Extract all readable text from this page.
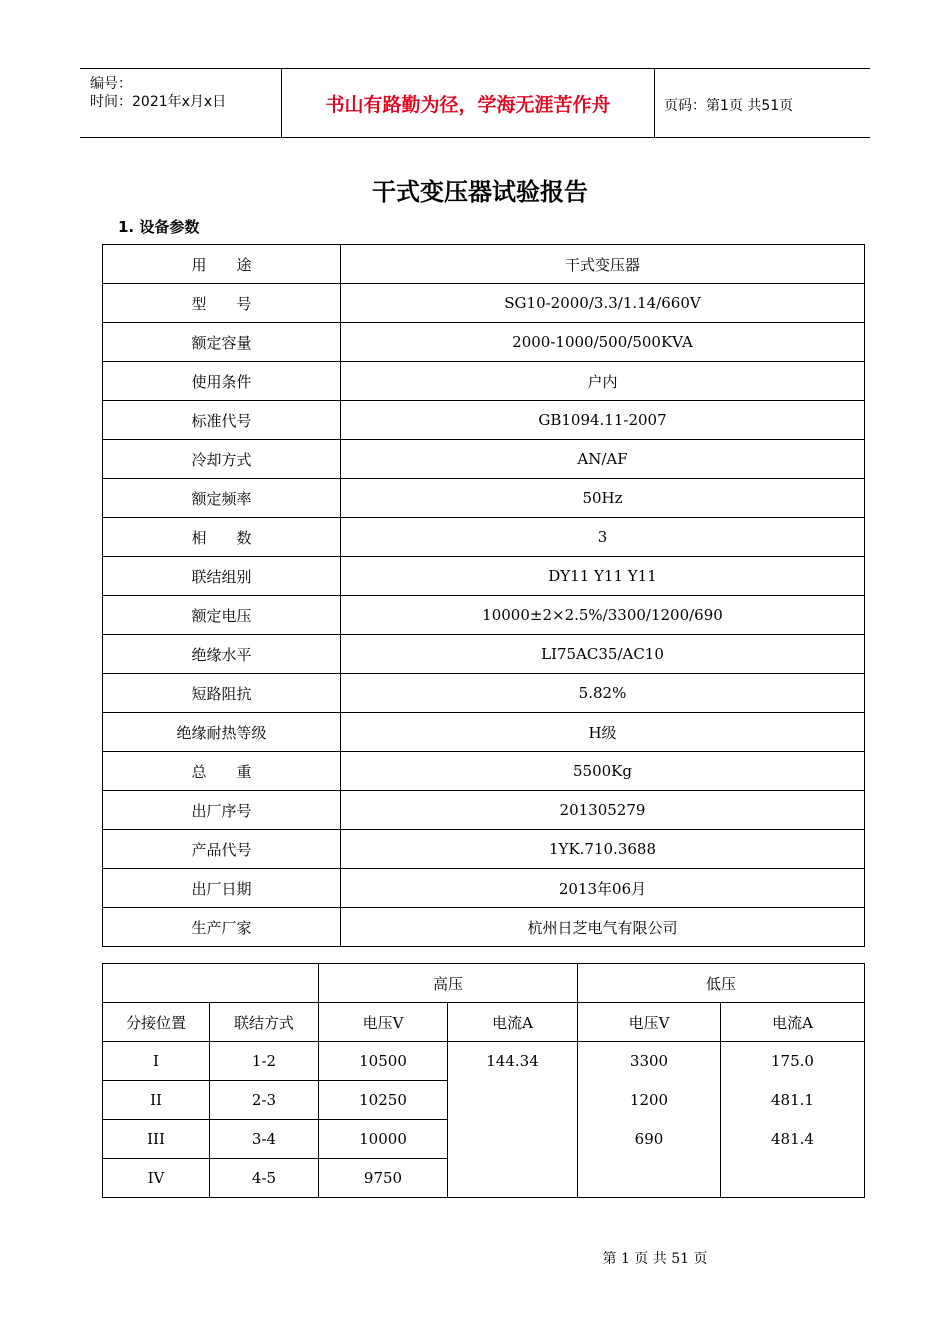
编号：
时间：2021年x月x日	书山有路勤为径，学海无涯苦作舟	页码：第1页 共51页
干式变压器试验报告
1. 设备参数
用　　途	干式变压器
型　　号	SG10-2000/3.3/1.14/660V
额定容量	2000-1000/500/500KVA
使用条件	户内
标准代号	GB1094.11-2007
冷却方式	AN/AF
额定频率	50Hz
相　　数	3
联结组别	DY11 Y11 Y11
额定电压	10000±2×2.5%/3300/1200/690
绝缘水平	LI75AC35/AC10
短路阻抗	5.82%
绝缘耐热等级	H级
总　　重	5500Kg
出厂序号	201305279
产品代号	1YK.710.3688
出厂日期	2013年06月
生产厂家	杭州日芝电气有限公司
		高压		低压	
分接位置	联结方式	电压V	电流A	电压V	电流A
I	1-2	10500	144.34	3300	175.0
II	2-3	10250		1200	481.1
III	3-4	10000		690	481.4
IV	4-5	9750			
第 1 页 共 51 页
